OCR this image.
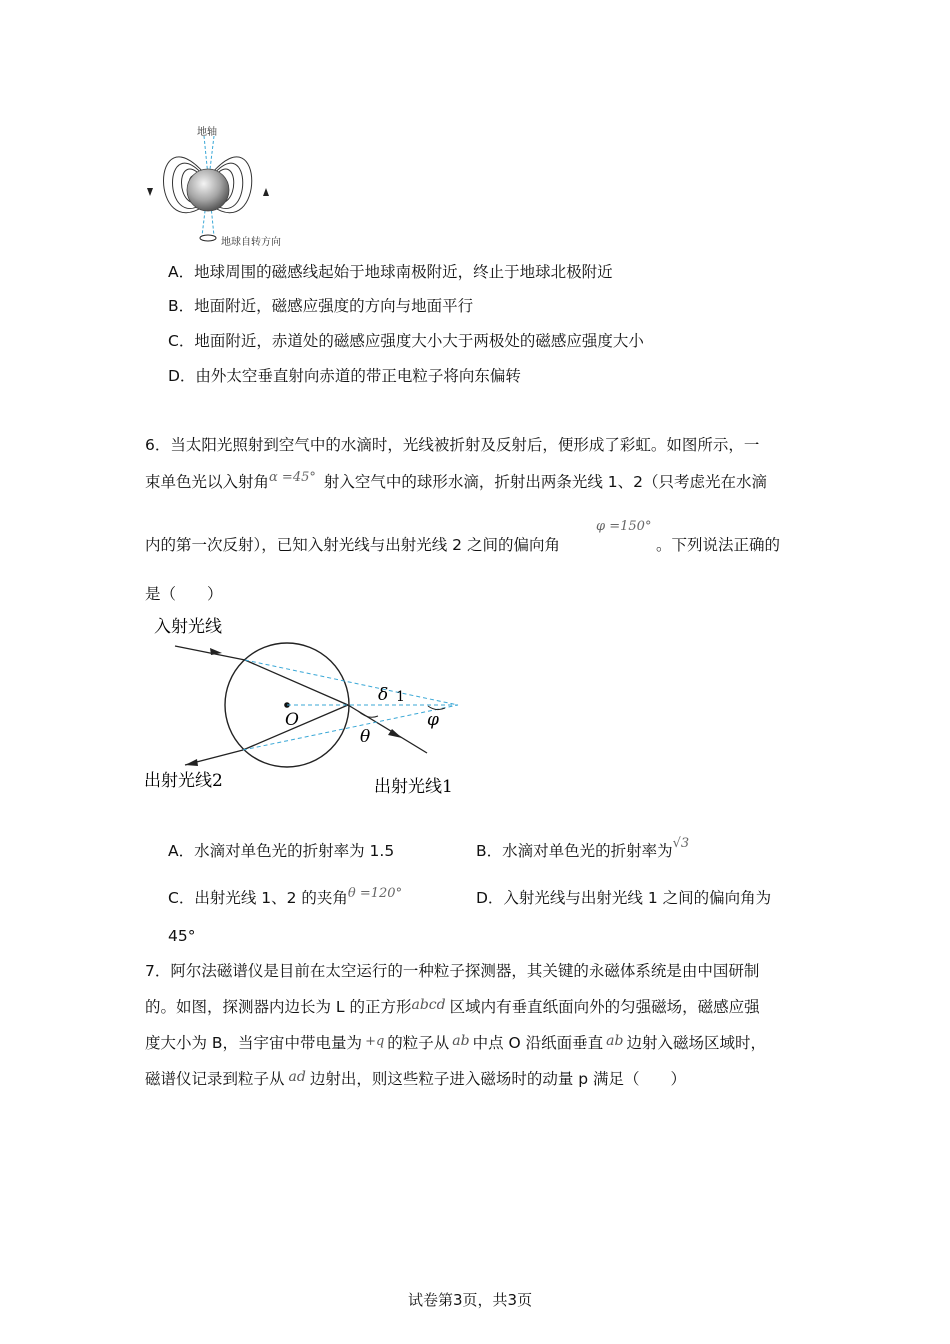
地轴
地球自转方向
A．地球周围的磁感线起始于地球南极附近，终止于地球北极附近
B．地面附近，磁感应强度的方向与地面平行
C．地面附近，赤道处的磁感应强度大小大于两极处的磁感应强度大小
D．由外太空垂直射向赤道的带正电粒子将向东偏转
6．当太阳光照射到空气中的水滴时，光线被折射及反射后，便形成了彩虹。如图所示，一
束单色光以入射角$^{\alpha =45^\circ}$ 射入空气中的球形水滴，折射出两条光线 1、2（只考虑光在水滴
内的第一次反射），已知入射光线与出射光线 2 之间的偏向角
φ =150°
。下列说法正确的
是（　　）
δ 1
φ
O
θ
入射光线
出射光线2	出射光线1
A．水滴对单色光的折射率为 1.5	B．水滴对单色光的折射率为$^{√3}$
C．出射光线 1、2 的夹角$^{\theta =120^\circ}$	D．入射光线与出射光线 1 之间的偏向角为
45°
7．阿尔法磁谱仪是目前在太空运行的一种粒子探测器，其关键的永磁体系统是由中国研制
的。如图，探测器内边长为 L 的正方形abcd 区域内有垂直纸面向外的匀强磁场，磁感应强
度大小为 B，当宇宙中带电量为 +q 的粒子从 ab 中点 O 沿纸面垂直 ab 边射入磁场区域时，
磁谱仪记录到粒子从 ad 边射出，则这些粒子进入磁场时的动量 p 满足（　　）
试卷第3页，共3页
